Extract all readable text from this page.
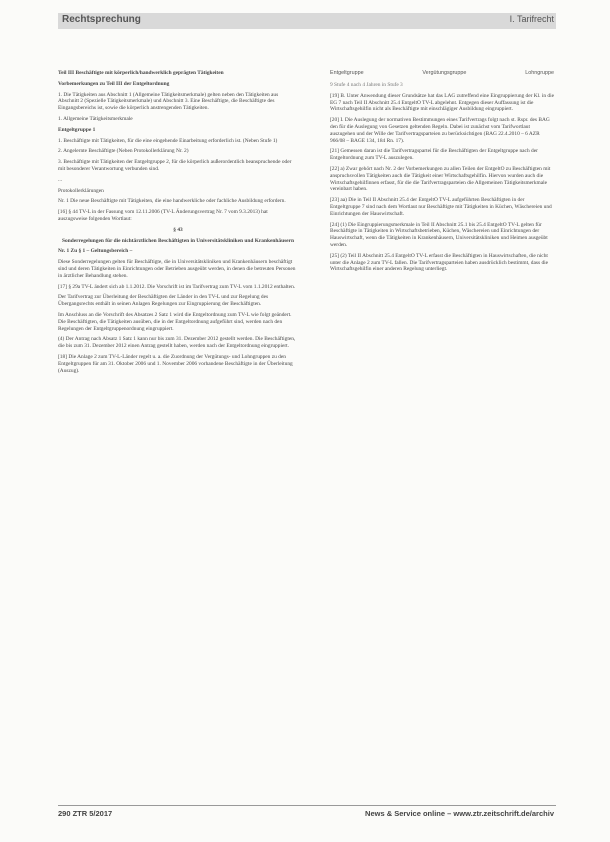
Rechtsprechung	I. Tarifrecht

Teil III Beschäftigte mit körperlich/handwerklich geprägten Tätigkeiten

Vorbemerkungen zu Teil III der Entgeltordnung

1. Die Tätigkeiten aus Abschnitt 1 (Allgemeine Tätigkeitsmerkmale) gelten neben den Tätigkeiten aus Abschnitt 2 (Spezielle Tätigkeitsmerkmale) und Abschnitt 3. Eine Beschäftigte, die Beschäftigte des Eingangsbereichs ist, sowie die körperlich anstrengenden Tätigkeiten.

1. Allgemeine Tätigkeitsmerkmale

Entgeltgruppe 1

1. Beschäftigte mit Tätigkeiten, für die eine eingehende Einarbeitung erforderlich ist. (Neben Stufe 1)

2. Angelernte Beschäftigte (Neben Protokollerklärung Nr. 2)

3. Beschäftigte mit Tätigkeiten der Entgeltgruppe 2, für die körperlich außerordentlich beanspruchende oder mit besonderer Verantwortung verbunden sind.

...

Protokollerklärungen

Nr. 1 Die neue Beschäftigte mit Tätigkeiten, die eine handwerkliche oder fachliche Ausbildung erfordern.

[16] § 44 TV-L in der Fassung vom 12.11.2006 (TV-L Änderungsvertrag Nr. 7 vom 9.3.2013) hat auszugsweise folgenden Wortlaut:

§ 43

Sonderregelungen für die nichtärztlichen Beschäftigten in Universitätskliniken und Krankenhäusern

Nr. 1 Zu § 1 – Geltungsbereich –

Diese Sonderregelungen gelten für Beschäftigte, die in Universitätskliniken und Krankenhäusern beschäftigt sind und deren Tätigkeiten in Einrichtungen oder Betrieben ausgeübt werden, in denen die betreuten Personen in ärztlicher Behandlung stehen.

[17] § 29a TV-L ändert sich ab 1.1.2012. Die Vorschrift ist im Tarifvertrag zum TV-L vom 1.1.2012 enthalten.

Der Tarifvertrag zur Überleitung der Beschäftigten der Länder in den TV-L und zur Regelung des Übergangsrechts enthält in seinen Anlagen Regelungen zur Eingruppierung der Beschäftigten.

Im Anschluss an die Vorschrift des Absatzes 2 Satz 1 wird die Entgeltordnung zum TV-L wie folgt geändert. Die Beschäftigten, die Tätigkeiten ausüben, die in der Entgeltordnung aufgeführt sind, werden nach den Regelungen der Entgeltgruppenordnung eingruppiert.

(4) Der Antrag nach Absatz 1 Satz 1 kann nur bis zum 31. Dezember 2012 gestellt werden. Die Beschäftigten, die bis zum 31. Dezember 2012 einen Antrag gestellt haben, werden nach der Entgeltordnung eingruppiert.

[18] Die Anlage 2 zum TV-L-Länder regelt u. a. die Zuordnung der Vergütungs- und Lohngruppen zu den Entgeltgruppen für am 31. Oktober 2006 und 1. November 2006 vorhandene Beschäftigte in der Überleitung (Auszug).

Entgeltgruppe	Vergütungsgruppe	Lohngruppe

9 Stufe 4 nach 4 Jahren in Stufe 3

[19] B. Unter Anwendung dieser Grundsätze hat das LAG zutreffend eine Eingruppierung der Kl. in die EG 7 nach Teil II Abschnitt 25.4 EntgeltO TV-L abgelehnt. Entgegen dieser Auffassung ist die Wirtschaftsgehilfin nicht als Beschäftigte mit einschlägiger Ausbildung eingruppiert.

[20] I. Die Auslegung der normativen Bestimmungen eines Tarifvertrags folgt nach st. Rspr. des BAG den für die Auslegung von Gesetzen geltenden Regeln. Dabei ist zunächst vom Tarifwortlaut auszugehen und der Wille der Tarifvertragsparteien zu berücksichtigen (BAG 22.4.2010 – 6 AZR 966/08 – BAGE 134, 184 Rn. 17).

[21] Gemessen daran ist die Tarifvertragspartei für die Beschäftigten der Entgeltgruppe nach der Entgeltordnung zum TV-L auszulegen.

[22] a) Zwar gehört nach Nr. 2 der Vorbemerkungen zu allen Teilen der EntgeltO zu Beschäftigten mit anspruchsvollen Tätigkeiten auch die Tätigkeit einer Wirtschaftsgehilfin. Hiervon wurden auch die Wirtschaftsgehilfinnen erfasst, für die die Tarifvertragsparteien die Allgemeinen Tätigkeitsmerkmale vereinbart haben.

[23] aa) Die in Teil II Abschnitt 25.4 der EntgeltO TV-L aufgeführten Beschäftigten in der Entgeltgruppe 7 sind nach dem Wortlaut nur Beschäftigte mit Tätigkeiten in Küchen, Wäschereien und Einrichtungen der Hauswirtschaft.

[24] (1) Die Eingruppierungsmerkmale in Teil II Abschnitt 25.1 bis 25.4 EntgeltO TV-L gelten für Beschäftigte in Tätigkeiten in Wirtschaftsbetrieben, Küchen, Wäschereien und Einrichtungen der Hauswirtschaft, wenn die Tätigkeiten in Krankenhäusern, Universitätskliniken und Heimen ausgeübt werden.

[25] (2) Teil II Abschnitt 25.4 EntgeltO TV-L erfasst die Beschäftigten in Hauswirtschaften, die nicht unter die Anlage 2 zum TV-L fallen. Die Tarifvertragsparteien haben ausdrücklich bestimmt, dass die Wirtschaftsgehilfin einer anderen Regelung unterliegt.

290 ZTR 5/2017	News & Service online – www.ztr.zeitschrift.de/archiv
